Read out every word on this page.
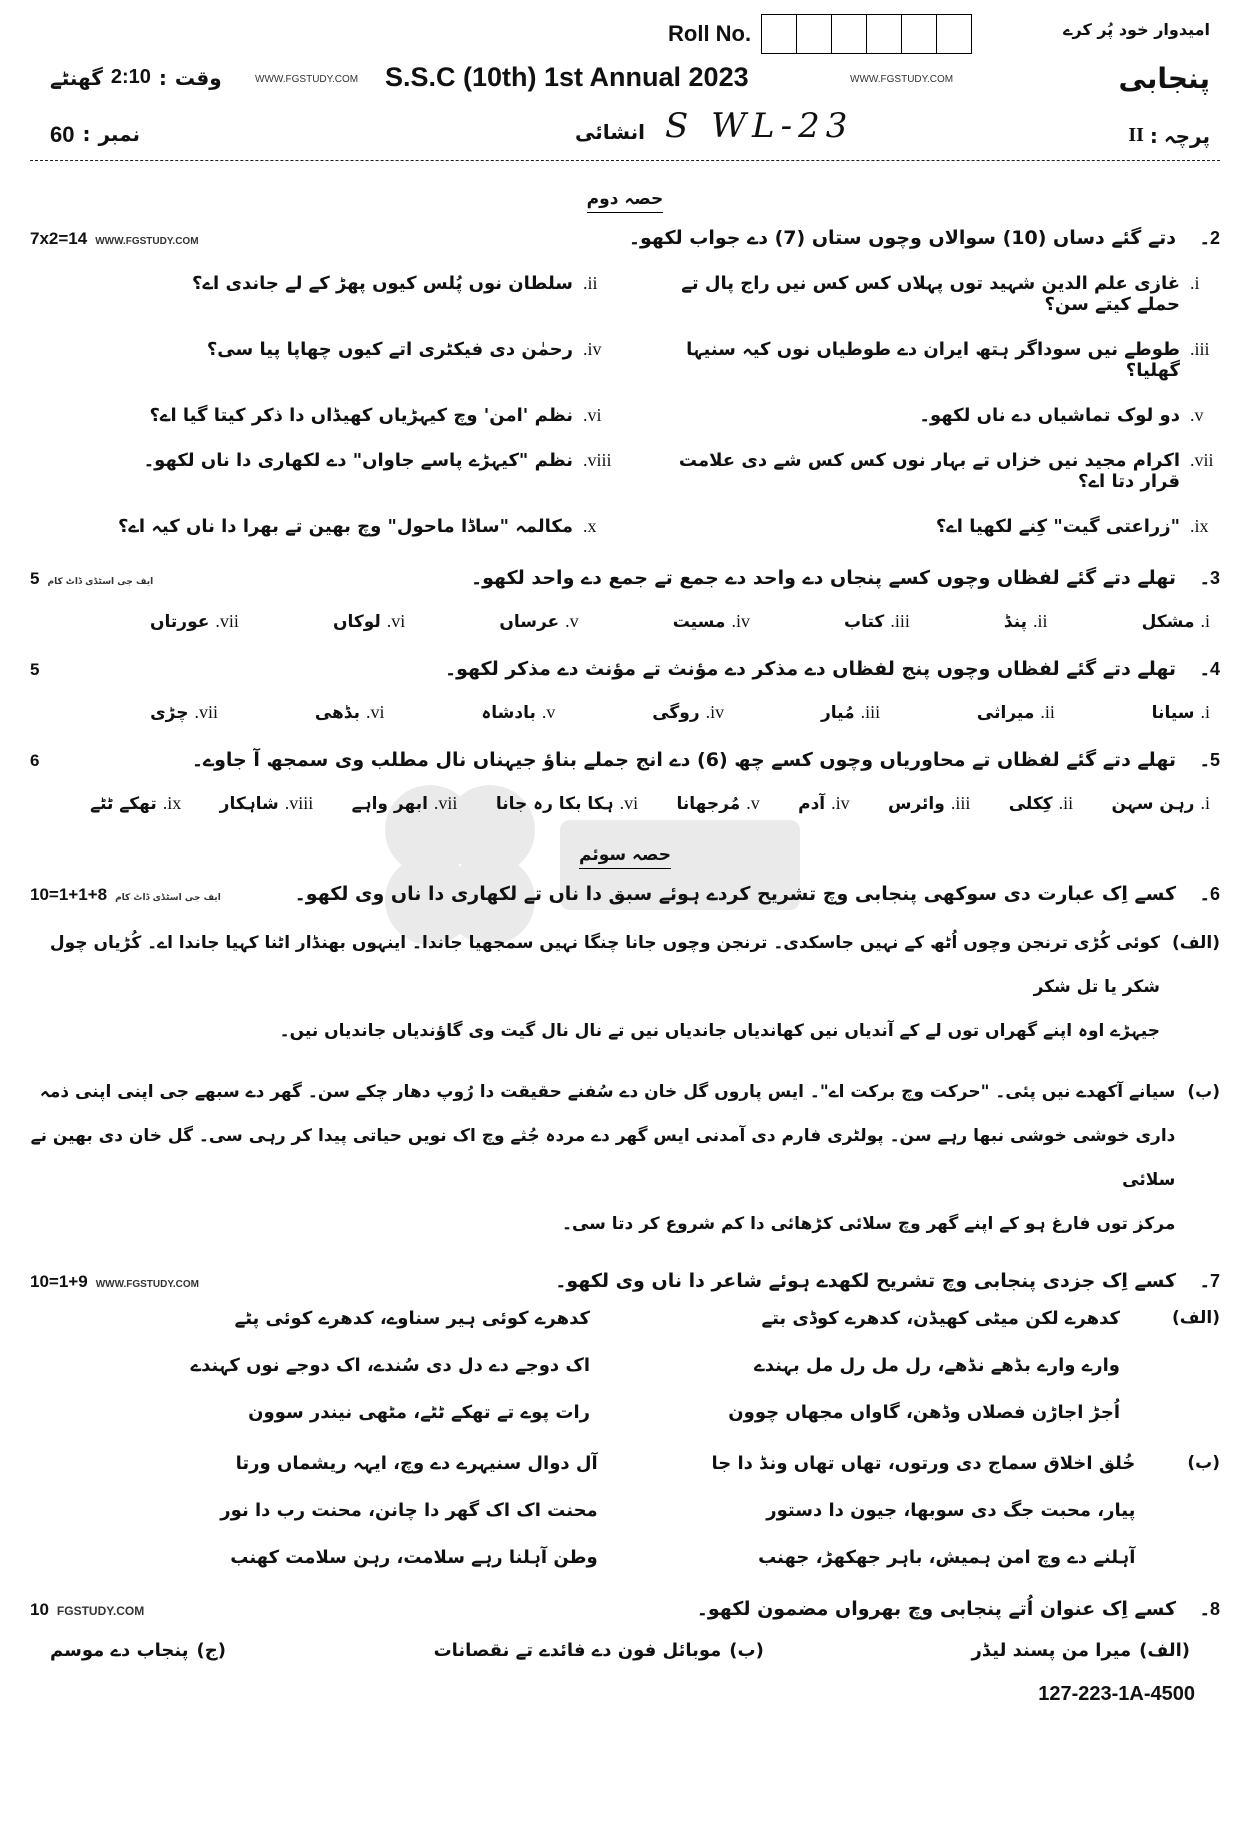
امیدوار خود پُر کرے
Roll No.
پنجابی
S.S.C (10th) 1st Annual 2023
وقت
:
2:10
گھنٹے	WWW.FGSTUDY.COM	WWW.FGSTUDY.COM
پرچہ
:
II
انشائی S WL-23
نمبر
:
60
حصہ دوم
2۔
دتے گئے دساں (10) سوالاں وچوں ستاں (7) دے جواب لکھو۔
7x2=14 WWW.FGSTUDY.COM
i.
غازی علم الدین شہید توں پہلاں کس کس نیں راج پال تے حملے کیتے سن؟
ii.
سلطان نوں پُلس کیوں پھڑ کے لے جاندی اے؟
iii.
طوطے نیں سوداگر ہتھ ایران دے طوطیاں نوں کیہ سنیہا گھلیا؟
iv.
رحمٰن دی فیکٹری اتے کیوں چھاپا پیا سی؟
v.
دو لوک تماشیاں دے ناں لکھو۔
vi.
نظم 'امن' وچ کیہڑیاں کھیڈاں دا ذکر کیتا گیا اے؟
vii.
اکرام مجید نیں خزاں تے بہار نوں کس کس شے دی علامت قرار دتا اے؟
viii.
نظم "کیہڑے پاسے جاواں" دے لکھاری دا ناں لکھو۔
ix.
"زراعتی گیت" کِنے لکھیا اے؟
x.
مکالمہ "ساڈا ماحول" وچ بھین تے بھرا دا ناں کیہ اے؟
3۔
تھلے دتے گئے لفظاں وچوں کسے پنجاں دے واحد دے جمع تے جمع دے واحد لکھو۔
5 ایف جی اسٹڈی ڈاٹ کام
i.
مشکل
ii.
پنڈ
iii.
کتاب
iv.
مسیت
v.
عرساں
vi.
لوکاں
vii.
عورتاں
4۔
تھلے دتے گئے لفظاں وچوں پنج لفظاں دے مذکر دے مؤنث تے مؤنث دے مذکر لکھو۔
5
i.
سیانا
ii.
میراثی
iii.
مُیار
iv.
روگی
v.
بادشاہ
vi.
بڈھی
vii.
چڑی
5۔
تھلے دتے گئے لفظاں تے محاوریاں وچوں کسے چھ (6) دے انج جملے بناؤ جیہناں نال مطلب وی سمجھ آ جاوے۔
6
i.
رہن سہن
ii.
کِکلی
iii.
وائرس
iv.
آدم
v.
مُرجھانا
vi.
ہکا بکا رہ جانا
vii.
ابھر واہے
viii.
شاہکار
ix.
تھکے ٹٹے
حصہ سوئم
6۔
کسے اِک عبارت دی سوکھی پنجابی وچ تشریح کردے ہوئے سبق دا ناں تے لکھاری دا ناں وی لکھو۔
10=1+1+8 ایف جی اسٹڈی ڈاٹ کام
(الف)
کوئی کُڑی ترنجن وچوں اُٹھ کے نہیں جاسکدی۔ ترنجن وچوں جانا چنگا نہیں سمجھیا جاندا۔ اینہوں بھنڈار اٹنا کہیا جاندا اے۔ کُڑیاں چول شکر یا تل شکر
جیہڑے اوہ اپنے گھراں توں لے کے آندیاں نیں کھاندیاں جاندیاں نیں تے نال نال گیت وی گاؤندیاں جاندیاں نیں۔
(ب)
سیانے آکھدے نیں پئی۔ "حرکت وچ برکت اے"۔ ایس پاروں گل خان دے سُفنے حقیقت دا رُوپ دھار چکے سن۔ گھر دے سبھے جی اپنی اپنی ذمہ
داری خوشی خوشی نبھا رہے سن۔ پولٹری فارم دی آمدنی ایس گھر دے مردہ جُثے وچ اک نویں حیاتی پیدا کر رہی سی۔ گل خان دی بھین نے سلائی
مرکز توں فارغ ہو کے اپنے گھر وچ سلائی کڑھائی دا کم شروع کر دتا سی۔
7۔
کسے اِک جزدی پنجابی وچ تشریح لکھدے ہوئے شاعر دا ناں وی لکھو۔
10=1+9 WWW.FGSTUDY.COM
(الف)
کدھرے لکن میٹی کھیڈن، کدھرے کوڈی بتے
کدھرے کوئی ہیر سناوے، کدھرے کوئی پٹے
وارے وارے بڈھے نڈھے، رل مل رل مل بہندے
اک دوجے دے دل دی سُندے، اک دوجے نوں کہندے
اُجڑ اجاڑن فصلاں وڈھن، گاواں مجھاں چوون
رات پوے تے تھکے ٹٹے، مٹھی نیندر سوون
(ب)
خُلق اخلاق سماج دی ورتوں، تھاں تھاں ونڈ دا جا
آل دوال سنیہرے دے وچ، ایہہ ریشماں ورتا
پیار، محبت جگ دی سوبھا، جیون دا دستور
محنت اک اک گھر دا چانن، محنت رب دا نور
آہلنے دے وچ امن ہمیش، باہر جھکھڑ، جھنب
وطن آہلنا رہے سلامت، رہن سلامت کھنب
8۔
کسے اِک عنوان اُتے پنجابی وچ بھرواں مضمون لکھو۔
10 FGSTUDY.COM
(الف)
میرا من پسند لیڈر
(ب)
موبائل فون دے فائدے تے نقصانات
(ج)
پنجاب دے موسم
127-223-1A-4500
